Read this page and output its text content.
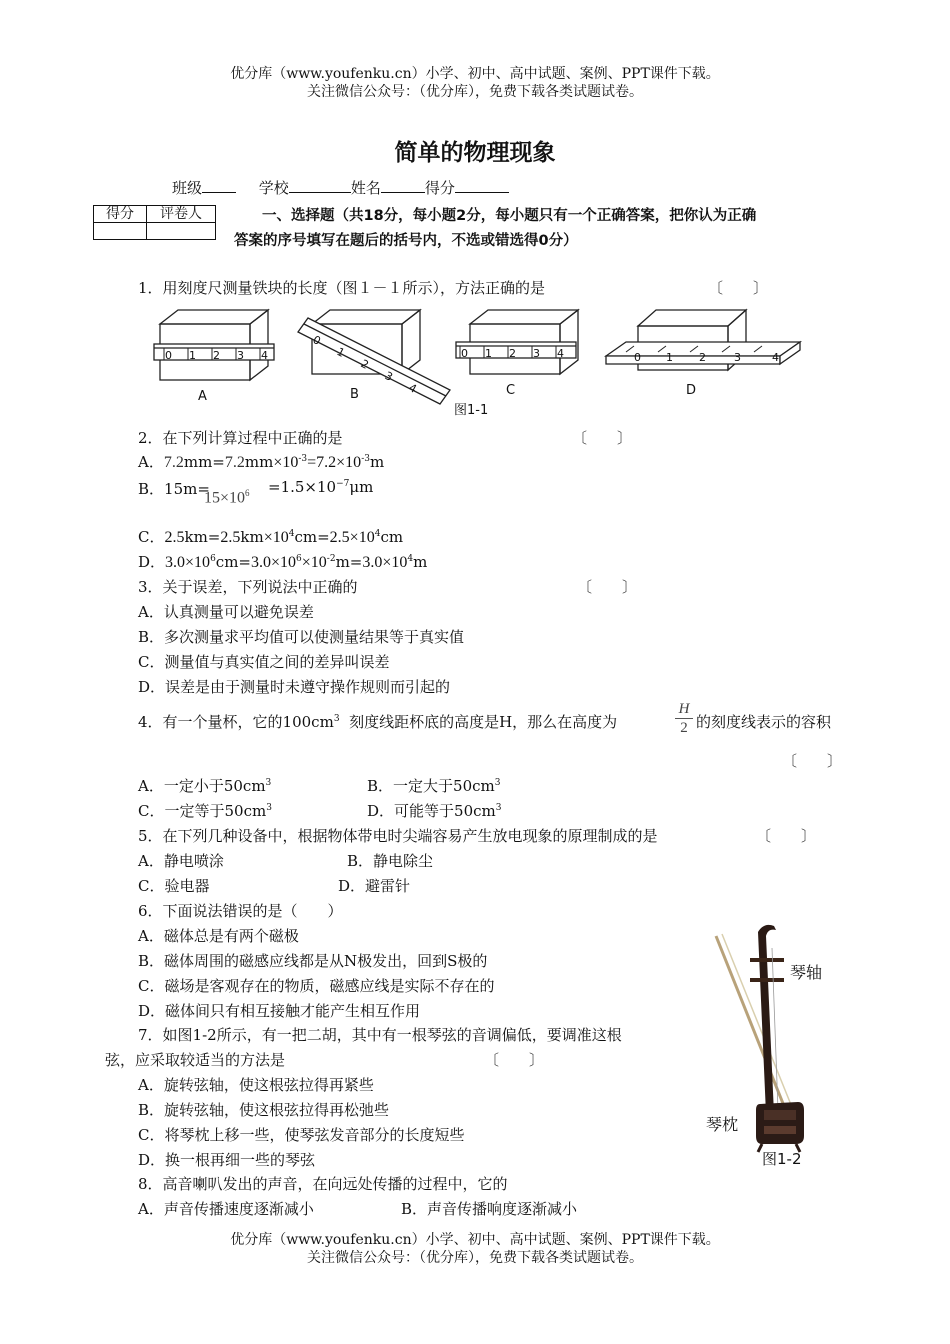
优分库（www.youfenku.cn）小学、初中、高中试题、案例、PPT课件下载。
关注微信公众号：（优分库），免费下载各类试题试卷。
简单的物理现象
班级	学校	姓名	得分
得分	评卷人
		一、选择题（共18分，每小题2分，每小题只有一个正确答案，把你认为正确
答案的序号填写在题后的括号内，不选或错选得0分）
1．用刻度尺测量铁块的长度（图１－１所示），方法正确的是	〔　　〕
0 1 2 3 4
A
0
1
2
3
4
B
0 1 2 3 4
C
图1-1
0 1 2	3	4
D
2．在下列计算过程中正确的是	〔　　〕
A．$7.2mm=7.2mm\times 10^{-3}=7.2\times 10^{-3}m$
B．15m=
$15\times 10^6 =1.5\times 10^{-7}\mu m$
C．$2.5km=2.5km\times 10^4cm=2.5\times 10^4cm$
D．$3.0\times 10^6cm=3.0\times 10^6\times 10^{-2}m=3.0\times 10^4m$
3．关于误差，下列说法中正确的	〔　　〕
A．认真测量可以避免误差
B．多次测量求平均值可以使测量结果等于真实值
C．测量值与真实值之间的差异叫误差
D．误差是由于测量时未遵守操作规则而引起的
4．有一个量杯，它的$100cm^3$ 刻度线距杯底的高度是H，那么在高度为	$\frac{H}{2}$ 的刻度线表示的容积
〔　　〕
A．一定小于$50cm^3$	B．一定大于$50cm^3$
C．一定等于$50cm^3$	D．可能等于$50cm^3$
5．在下列几种设备中，根据物体带电时尖端容易产生放电现象的原理制成的是	〔　　〕
A．静电喷涂	B．静电除尘
C．验电器	D．避雷针
6．下面说法错误的是（　　）
A．磁体总是有两个磁极
B．磁体周围的磁感应线都是从N极发出，回到S极的
C．磁场是客观存在的物质，磁感应线是实际不存在的
D．磁体间只有相互接触才能产生相互作用
7．如图1-2所示，有一把二胡，其中有一根琴弦的音调偏低，要调准这根
弦，应采取较适当的方法是	〔　　〕
A．旋转弦轴，使这根弦拉得再紧些
B．旋转弦轴，使这根弦拉得再松弛些
C．将琴枕上移一些，使琴弦发音部分的长度短些
D．换一根再细一些的琴弦
琴轴
琴枕
图1-2
8．高音喇叭发出的声音，在向远处传播的过程中，它的
A．声音传播速度逐渐减小	B．声音传播响度逐渐减小
优分库（www.youfenku.cn）小学、初中、高中试题、案例、PPT课件下载。
关注微信公众号：（优分库），免费下载各类试题试卷。
